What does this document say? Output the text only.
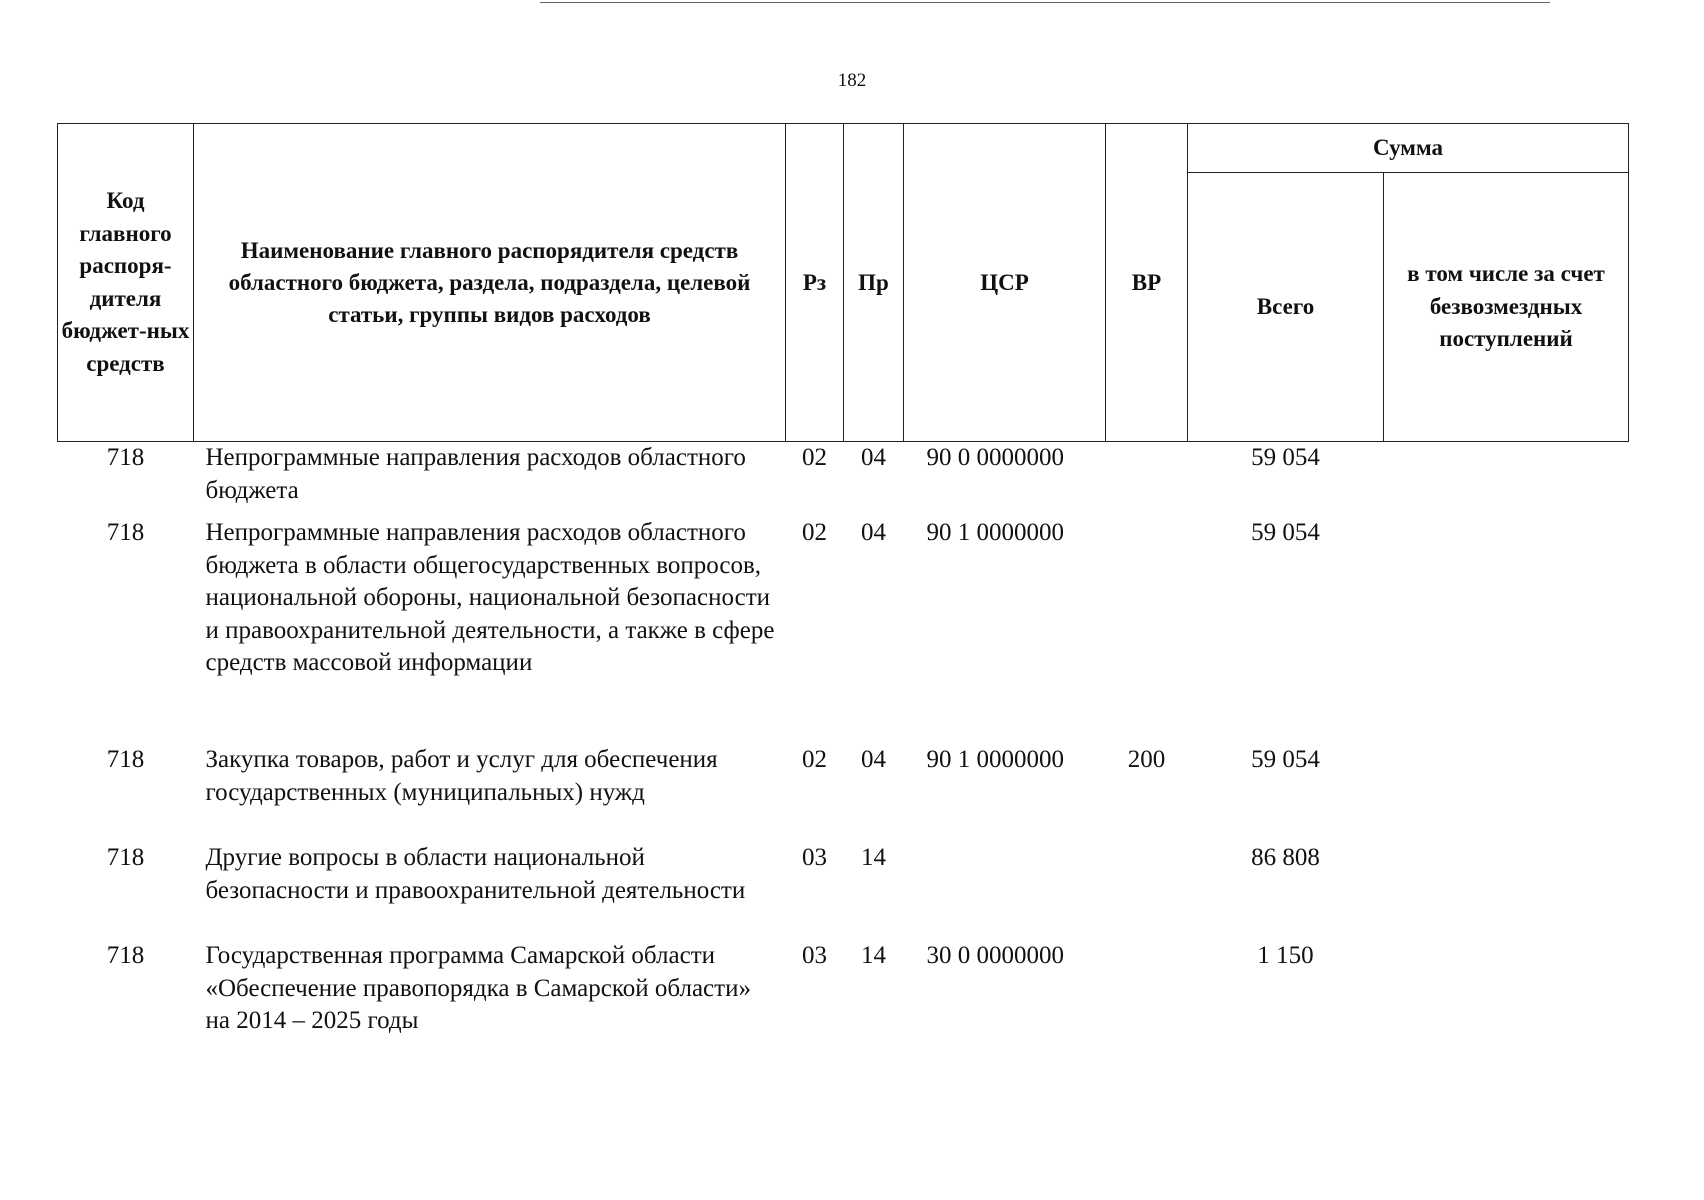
182
Код главного распоря-дителя бюджет-ных средств	Наименование главного распорядителя средств областного бюджета, раздела, подраздела, целевой статьи, группы видов расходов	Рз	Пр	ЦСР	ВР	Сумма	
						Всего	в том числе за счет безвозмездных поступлений
718	Непрограммные направления расходов областного бюджета	02	04	90 0 0000000		59 054	
718	Непрограммные направления расходов областного бюджета в области общегосударственных вопросов, национальной обороны, национальной безопасности и правоохранительной деятельности, а также в сфере средств массовой информации	02	04	90 1 0000000		59 054	
718	Закупка товаров, работ и услуг для обеспечения государственных (муниципальных) нужд	02	04	90 1 0000000	200	59 054	
718	Другие вопросы в области национальной безопасности и правоохранительной деятельности	03	14			86 808	
718	Государственная программа Самарской области «Обеспечение правопорядка в Самарской области» на 2014 – 2025 годы	03	14	30 0 0000000		1 150	
